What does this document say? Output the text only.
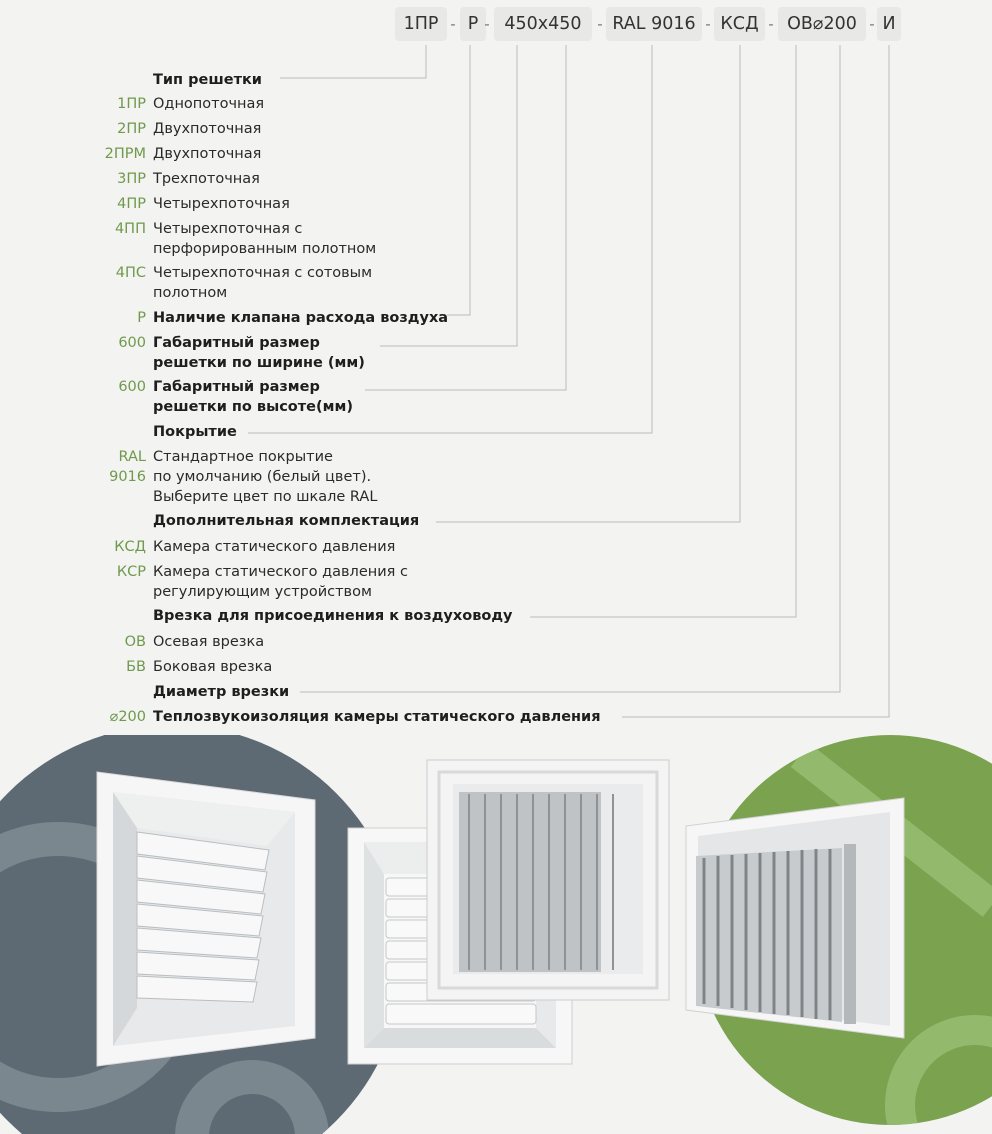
1ПР	Р	450x450	RAL 9016	КСД	ОВ⌀200	И
- -	-	-	-	-
Тип решетки
1ПР Однопоточная
2ПР Двухпоточная
2ПРМ Двухпоточная
3ПР Трехпоточная
4ПР Четырехпоточная
4ПП Четырехпоточная с
перфорированным полотном
4ПС Четырехпоточная с сотовым
полотном
Р Наличие клапана расхода воздуха
600 Габаритный размер
решетки по ширине (мм)
600 Габаритный размер
решетки по высоте(мм)
Покрытие
RAL
9016
Стандартное покрытие
по умолчанию (белый цвет).
Выберите цвет по шкале RAL
Дополнительная комплектация
КСД Камера статического давления
КСР Камера статического давления с
регулирующим устройством
Врезка для присоединения к воздуховоду
ОВ Осевая врезка
БВ Боковая врезка
Диаметр врезки
⌀200 Теплозвукоизоляция камеры статического давления
